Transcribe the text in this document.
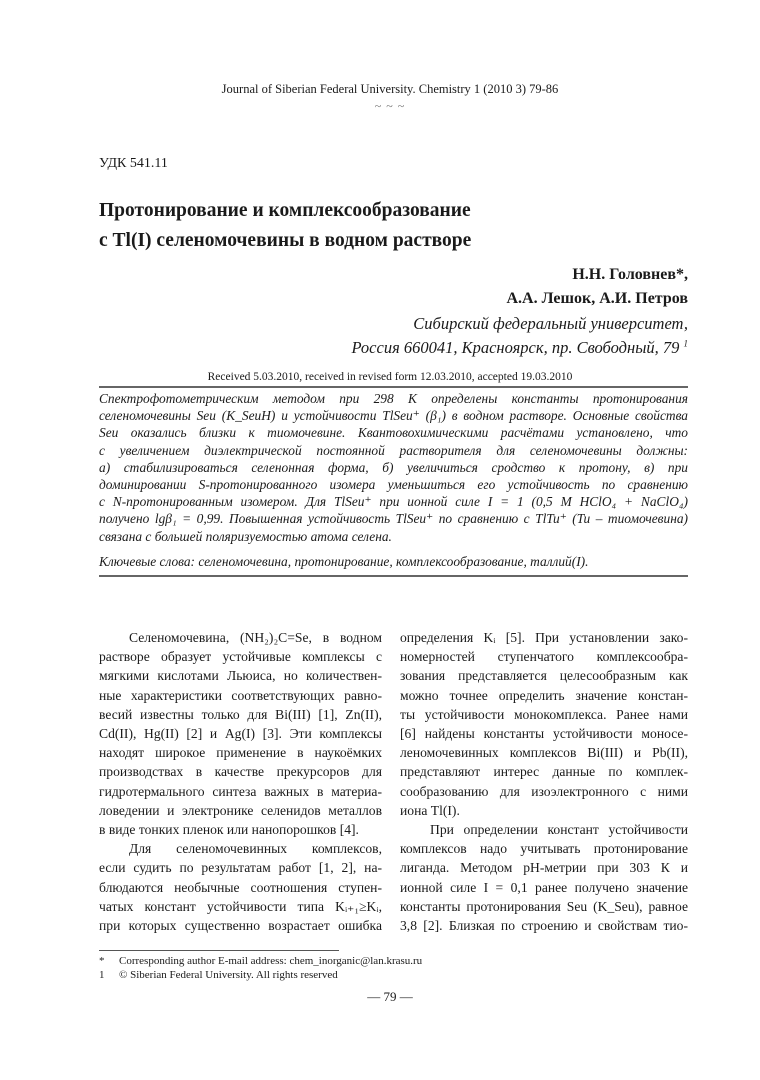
Journal of Siberian Federal University. Chemistry 1 (2010 3) 79-86
~ ~ ~
УДК 541.11
Протонирование и комплексообразование
с Tl(I) селеномочевины в водном растворе
Н.Н. Головнев*,
А.А. Лешок, А.И. Петров
Сибирский федеральный университет,
Россия 660041, Красноярск, пр. Свободный, 79 $^1$
Received 5.03.2010, received in revised form 12.03.2010, accepted 19.03.2010
Спектрофотометрическим методом при 298 К определены константы протонирования
селеномочевины Seu (K_SeuH) и устойчивости TlSeu⁺ (β₁) в водном растворе. Основные свойства
Seu оказались близки к тиомочевине. Квантовохимическими расчётами установлено, что
с увеличением диэлектрической постоянной растворителя для селеномочевины должны:
а) стабилизироваться селенонная форма, б) увеличиться сродство к протону, в) при
доминировании S-протонированного изомера уменьшиться его устойчивость по сравнению
с N-протонированным изомером. Для TlSeu⁺ при ионной силе I = 1 (0,5 M HClO₄ + NaClO₄)
получено lgβ₁ = 0,99. Повышенная устойчивость TlSeu⁺ по сравнению с TlTu⁺ (Tu – тиомочевина)
связана с большей поляризуемостью атома селена.
Ключевые слова: селеномочевина, протонирование, комплексообразование, таллий(I).
Селеномочевина, (NH₂)₂C=Se, в водном
растворе образует устойчивые комплексы с
мягкими кислотами Льюиса, но количествен-
ные характеристики соответствующих равно-
весий известны только для Bi(III) [1], Zn(II),
Cd(II), Hg(II) [2] и Ag(I) [3]. Эти комплексы
находят широкое применение в наукоёмких
производствах в качестве прекурсоров для
гидротермального синтеза важных в материа-
ловедении и электронике селенидов металлов
в виде тонких пленок или нанопорошков [4].
Для селеномочевинных комплексов,
если судить по результатам работ [1, 2], на-
блюдаются необычные соотношения ступен-
чатых констант устойчивости типа Kᵢ₊₁≥Kᵢ,
при которых существенно возрастает ошибка
определения Kᵢ [5]. При установлении зако-
номерностей ступенчатого комплексообра-
зования представляется целесообразным как
можно точнее определить значение констан-
ты устойчивости монокомплекса. Ранее нами
[6] найдены константы устойчивости моносе-
леномочевинных комплексов Bi(III) и Pb(II),
представляют интерес данные по комплек-
сообразованию для изоэлектронного с ними
иона Tl(I).
При определении констант устойчивости
комплексов надо учитывать протонирование
лиганда. Методом pH-метрии при 303 К и
ионной силе I = 0,1 ранее получено значение
константы протонирования Seu (K_Seu), равное
3,8 [2]. Близкая по строению и свойствам тио-
* Corresponding author E-mail address: chem_inorganic@lan.krasu.ru
1 © Siberian Federal University. All rights reserved
— 79 —
